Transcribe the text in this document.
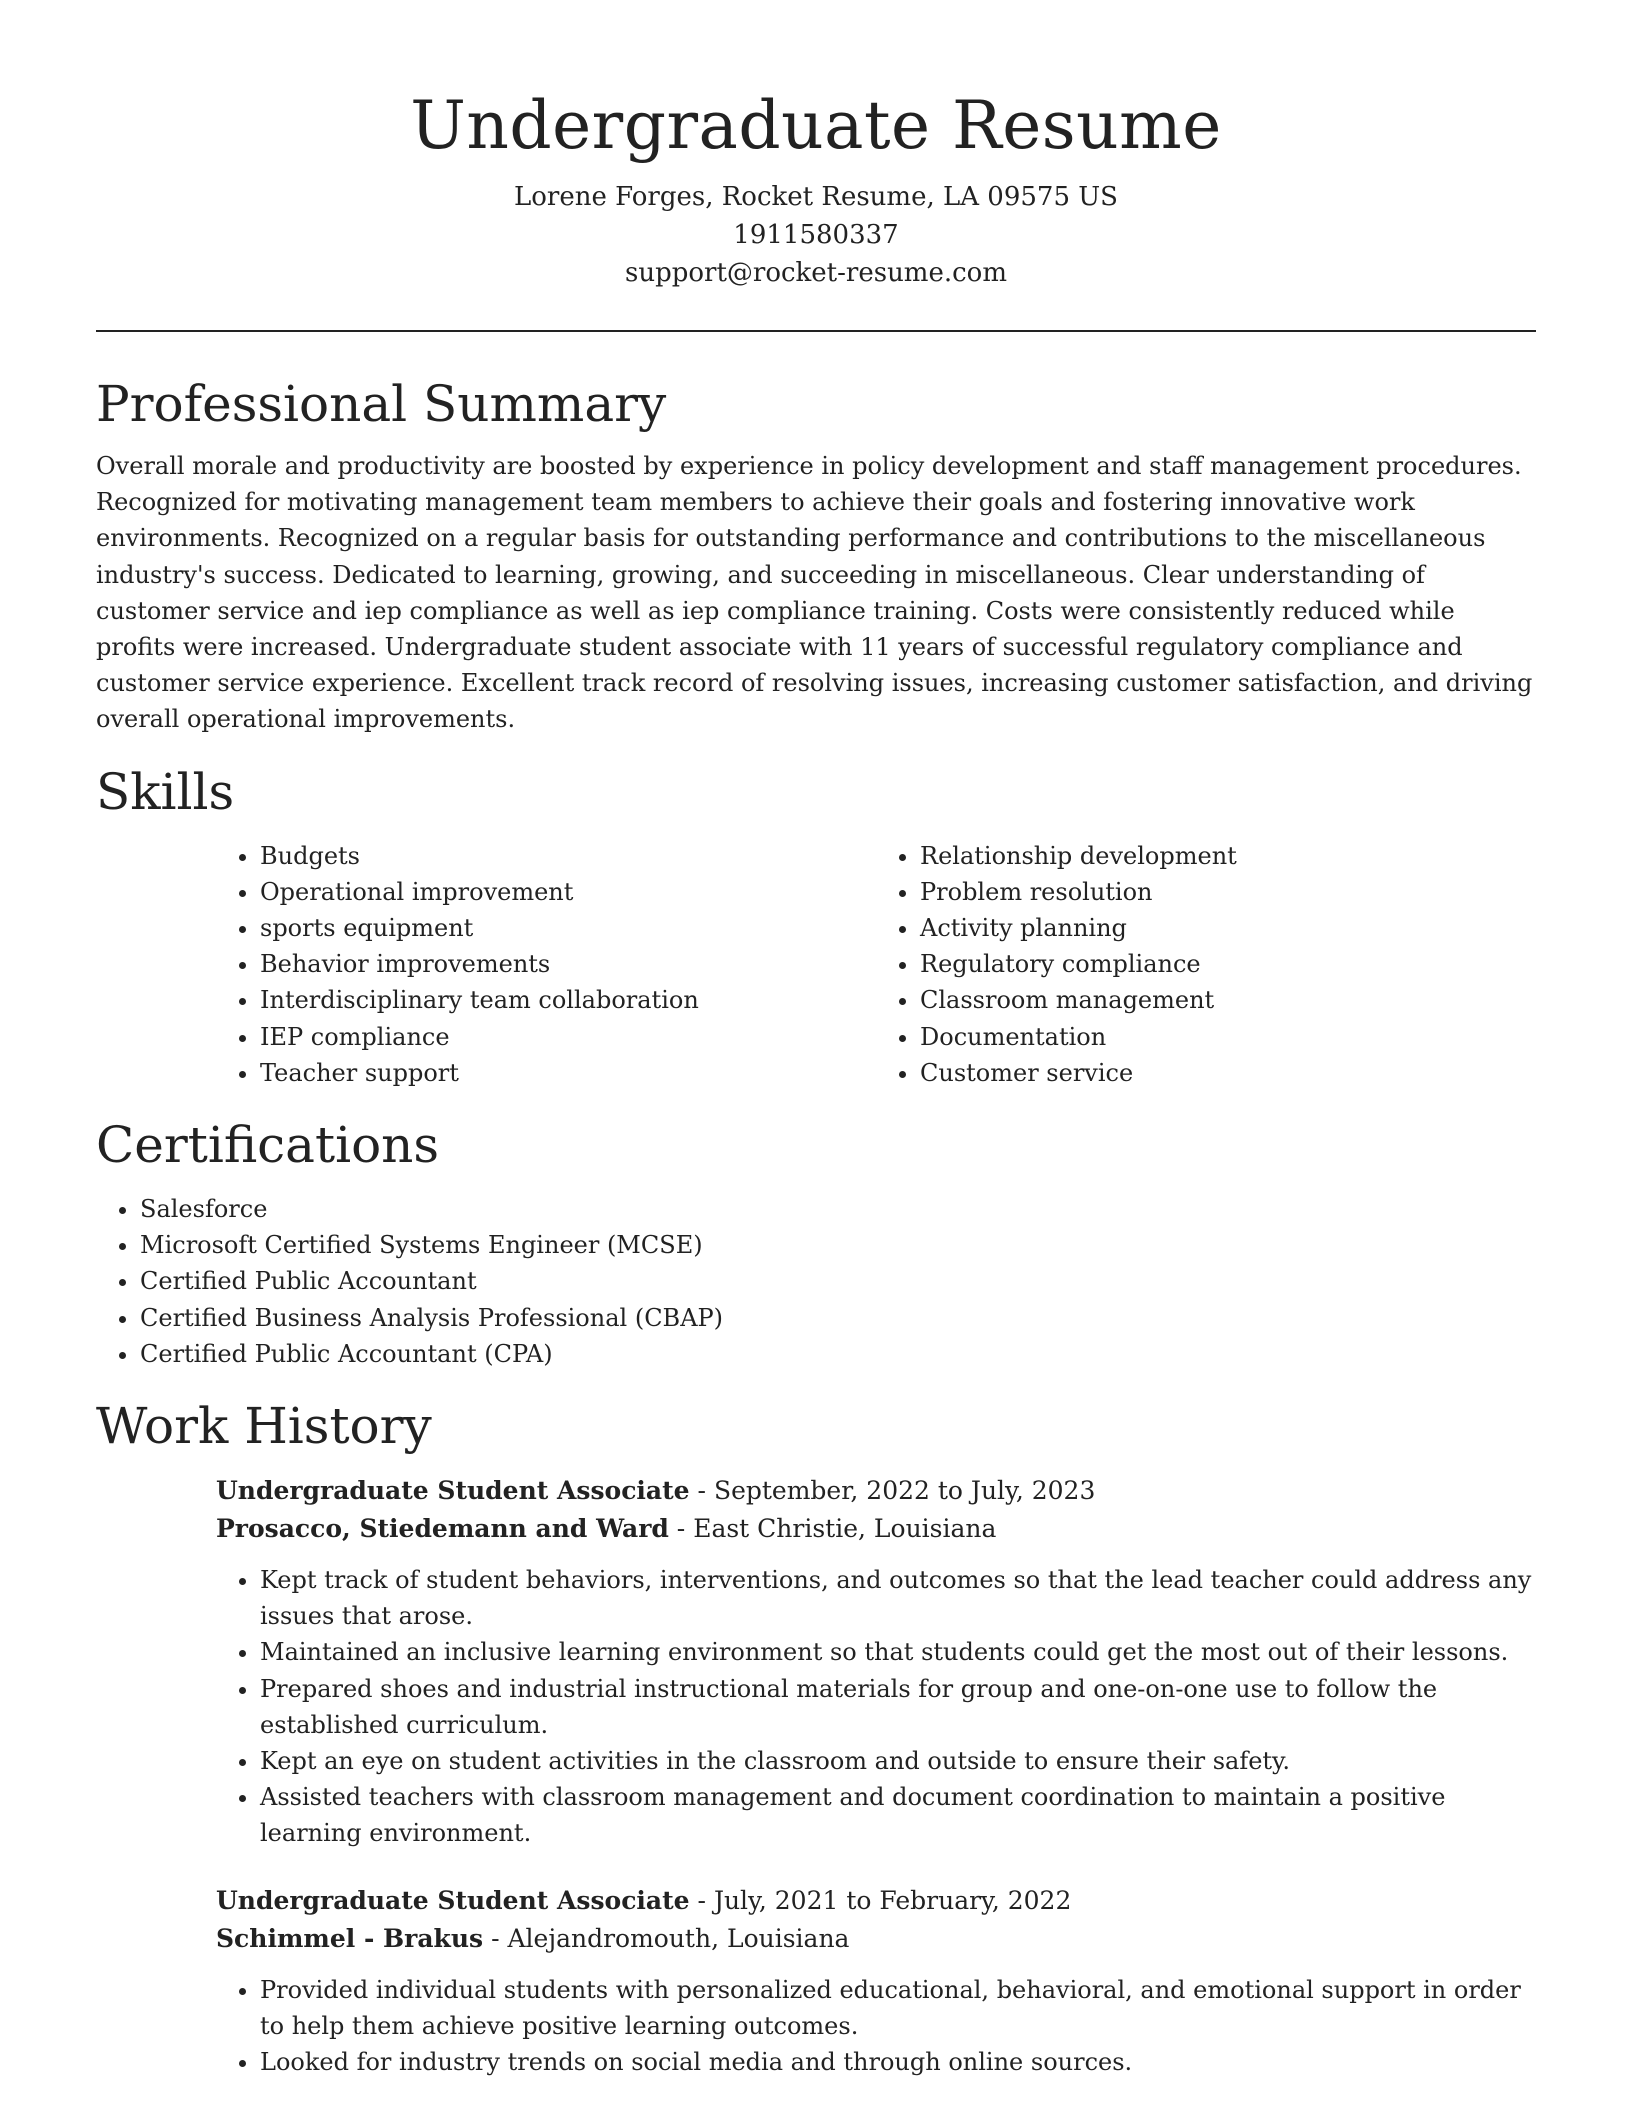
Undergraduate Resume

Lorene Forges, Rocket Resume, LA 09575 US

1911580337

support@rocket-resume.com

Professional Summary

Overall morale and productivity are boosted by experience in policy development and staff management procedures. Recognized for motivating management team members to achieve their goals and fostering innovative work environments. Recognized on a regular basis for outstanding performance and contributions to the miscellaneous industry's success. Dedicated to learning, growing, and succeeding in miscellaneous. Clear understanding of customer service and iep compliance as well as iep compliance training. Costs were consistently reduced while profits were increased. Undergraduate student associate with 11 years of successful regulatory compliance and customer service experience. Excellent track record of resolving issues, increasing customer satisfaction, and driving overall operational improvements.

Skills
• Budgets
• Operational improvement
• sports equipment
• Behavior improvements
• Interdisciplinary team collaboration
• IEP compliance
• Teacher support
• Relationship development
• Problem resolution
• Activity planning
• Regulatory compliance
• Classroom management
• Documentation
• Customer service
Certifications
• Salesforce
• Microsoft Certified Systems Engineer (MCSE)
• Certified Public Accountant
• Certified Business Analysis Professional (CBAP)
• Certified Public Accountant (CPA)
Work History

Undergraduate Student Associate - September, 2022 to July, 2023

Prosacco, Stiedemann and Ward - East Christie, Louisiana

• Kept track of student behaviors, interventions, and outcomes so that the lead teacher could address any issues that arose.
• Maintained an inclusive learning environment so that students could get the most out of their lessons.
• Prepared shoes and industrial instructional materials for group and one-on-one use to follow the established curriculum.
• Kept an eye on student activities in the classroom and outside to ensure their safety.
• Assisted teachers with classroom management and document coordination to maintain a positive learning environment.

Undergraduate Student Associate - July, 2021 to February, 2022

Schimmel - Brakus - Alejandromouth, Louisiana

• Provided individual students with personalized educational, behavioral, and emotional support in order to help them achieve positive learning outcomes.
• Looked for industry trends on social media and through online sources.
